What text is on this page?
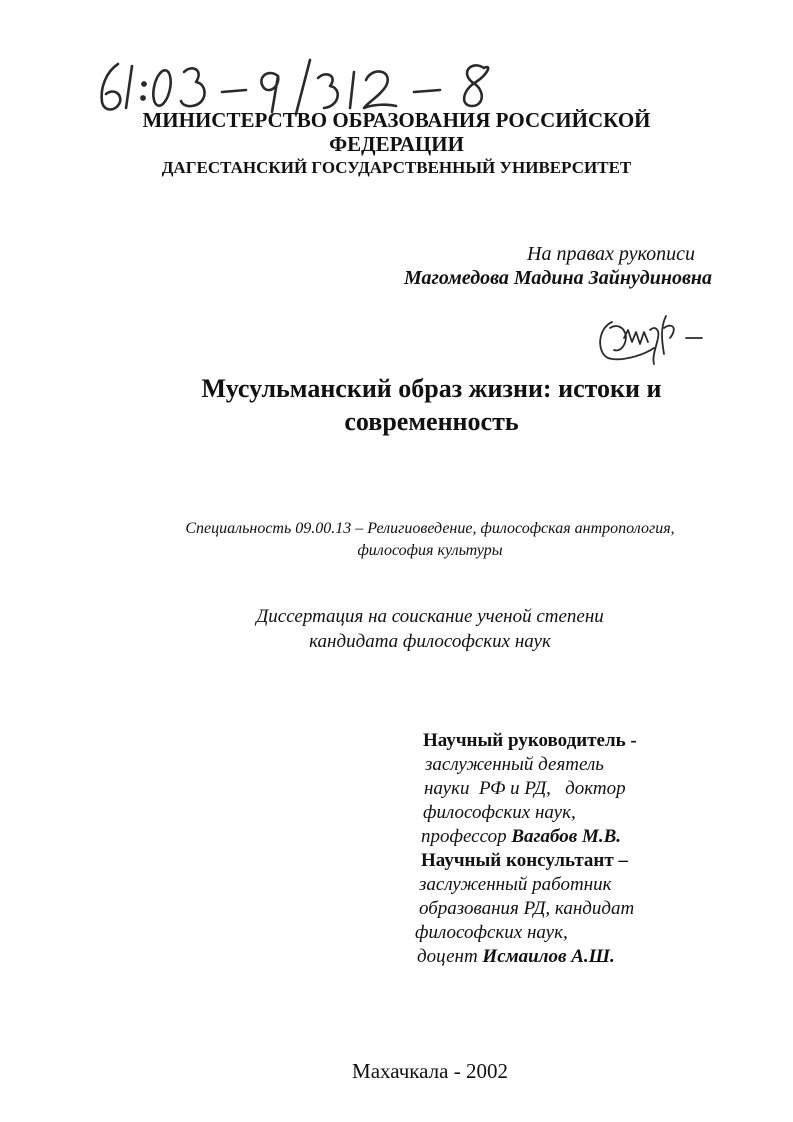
МИНИСТЕРСТВО ОБРАЗОВАНИЯ РОССИЙСКОЙ
ФЕДЕРАЦИИ
ДАГЕСТАНСКИЙ ГОСУДАРСТВЕННЫЙ УНИВЕРСИТЕТ
На правах рукописи
Магомедова Мадина Зайнудиновна
Мусульманский образ жизни: истоки и
современность
Специальность 09.00.13 – Религиоведение, философская антропология,
философия культуры
Диссертация на соискание ученой степени
кандидата философских наук
Научный руководитель -
заслуженный деятель
науки  РФ и РД,   доктор
философских наук,
профессор Вагабов М.В.
Научный консультант –
заслуженный работник
образования РД, кандидат
философских наук,
доцент Исмаилов А.Ш.
Махачкала - 2002
